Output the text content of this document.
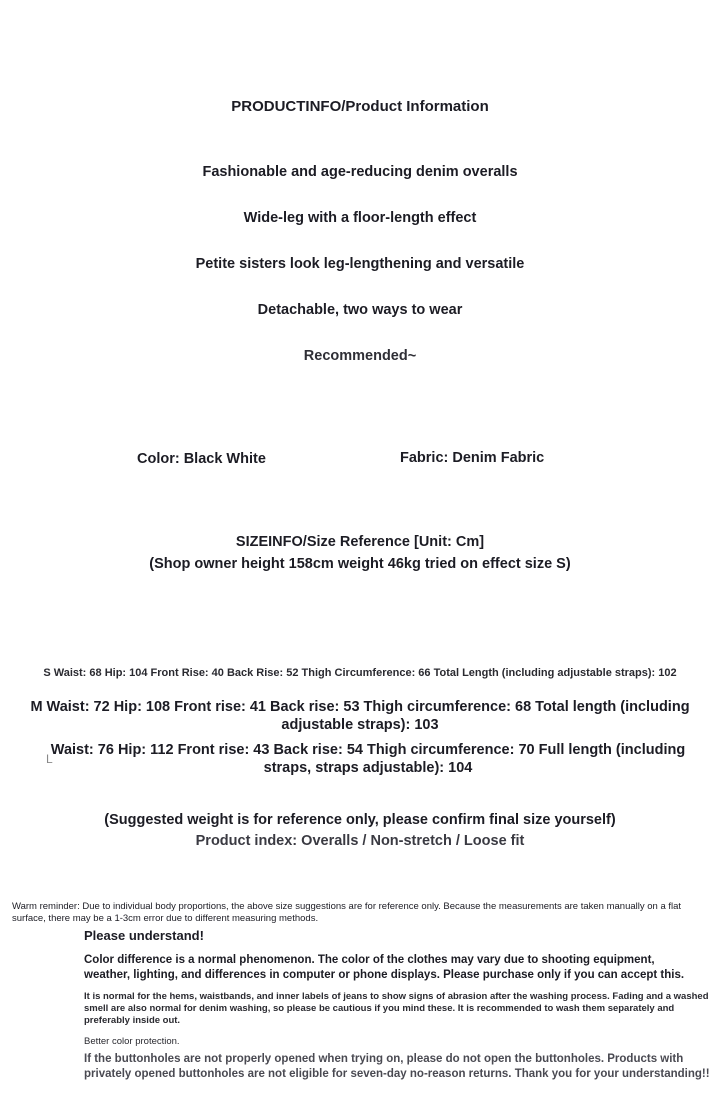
PRODUCTINFO/Product Information
Fashionable and age-reducing denim overalls
Wide-leg with a floor-length effect
Petite sisters look leg-lengthening and versatile
Detachable, two ways to wear
Recommended~
Color: Black White	Fabric: Denim Fabric
SIZEINFO/Size Reference [Unit: Cm]
(Shop owner height 158cm weight 46kg tried on effect size S)
S Waist: 68 Hip: 104 Front Rise: 40 Back Rise: 52 Thigh Circumference: 66 Total Length (including adjustable straps): 102
M Waist: 72 Hip: 108 Front rise: 41 Back rise: 53 Thigh circumference: 68 Total length (including adjustable straps): 103
L
Waist: 76 Hip: 112 Front rise: 43 Back rise: 54 Thigh circumference: 70 Full length (including straps, straps adjustable): 104
(Suggested weight is for reference only, please confirm final size yourself)
Product index: Overalls / Non-stretch / Loose fit
Warm reminder: Due to individual body proportions, the above size suggestions are for reference only. Because the measurements are taken manually on a flat surface, there may be a 1-3cm error due to different measuring methods.
Please understand!
Color difference is a normal phenomenon. The color of the clothes may vary due to shooting equipment, weather, lighting, and differences in computer or phone displays. Please purchase only if you can accept this.
It is normal for the hems, waistbands, and inner labels of jeans to show signs of abrasion after the washing process. Fading and a washed smell are also normal for denim washing, so please be cautious if you mind these. It is recommended to wash them separately and preferably inside out.
Better color protection.
If the buttonholes are not properly opened when trying on, please do not open the buttonholes. Products with privately opened buttonholes are not eligible for seven-day no-reason returns. Thank you for your understanding!!
